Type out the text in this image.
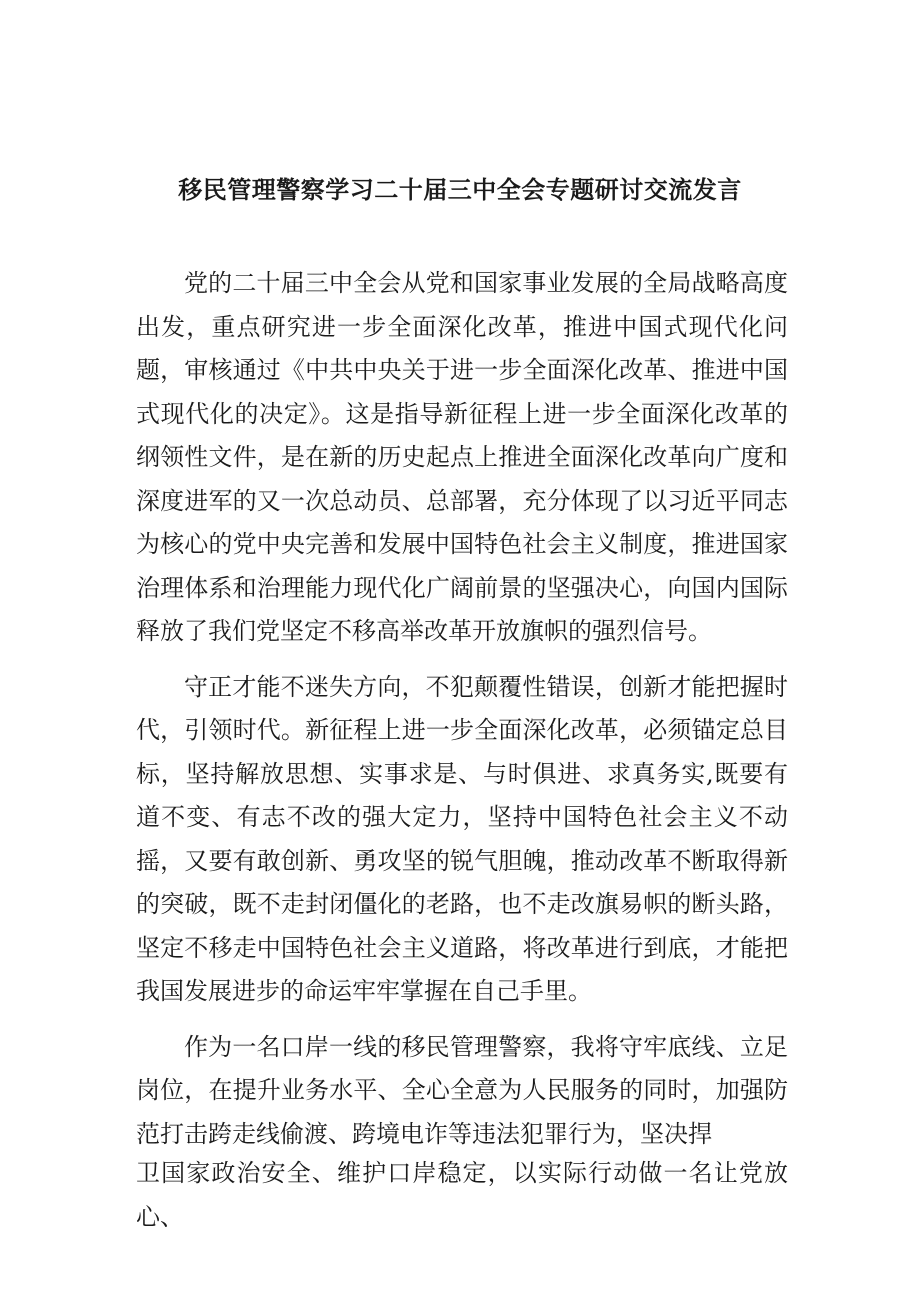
移民管理警察学习二十届三中全会专题研讨交流发言

党的二十届三中全会从党和国家事业发展的全局战略高度出发，重点研究进一步全面深化改革，推进中国式现代化问题，审核通过《中共中央关于进一步全面深化改革、推进中国式现代化的决定》。这是指导新征程上进一步全面深化改革的纲领性文件，是在新的历史起点上推进全面深化改革向广度和深度进军的又一次总动员、总部署，充分体现了以习近平同志为核心的党中央完善和发展中国特色社会主义制度，推进国家治理体系和治理能力现代化广阔前景的坚强决心，向国内国际释放了我们党坚定不移高举改革开放旗帜的强烈信号。

守正才能不迷失方向，不犯颠覆性错误，创新才能把握时代，引领时代。新征程上进一步全面深化改革，必须锚定总目标，坚持解放思想、实事求是、与时俱进、求真务实,既要有道不变、有志不改的强大定力，坚持中国特色社会主义不动摇，又要有敢创新、勇攻坚的锐气胆魄，推动改革不断取得新的突破，既不走封闭僵化的老路，也不走改旗易帜的断头路，坚定不移走中国特色社会主义道路，将改革进行到底，才能把我国发展进步的命运牢牢掌握在自己手里。

作为一名口岸一线的移民管理警察，我将守牢底线、立足岗位，在提升业务水平、全心全意为人民服务的同时，加强防范打击跨走线偷渡、跨境电诈等违法犯罪行为，坚决捍

卫国家政治安全、维护口岸稳定，以实际行动做一名让党放心、
